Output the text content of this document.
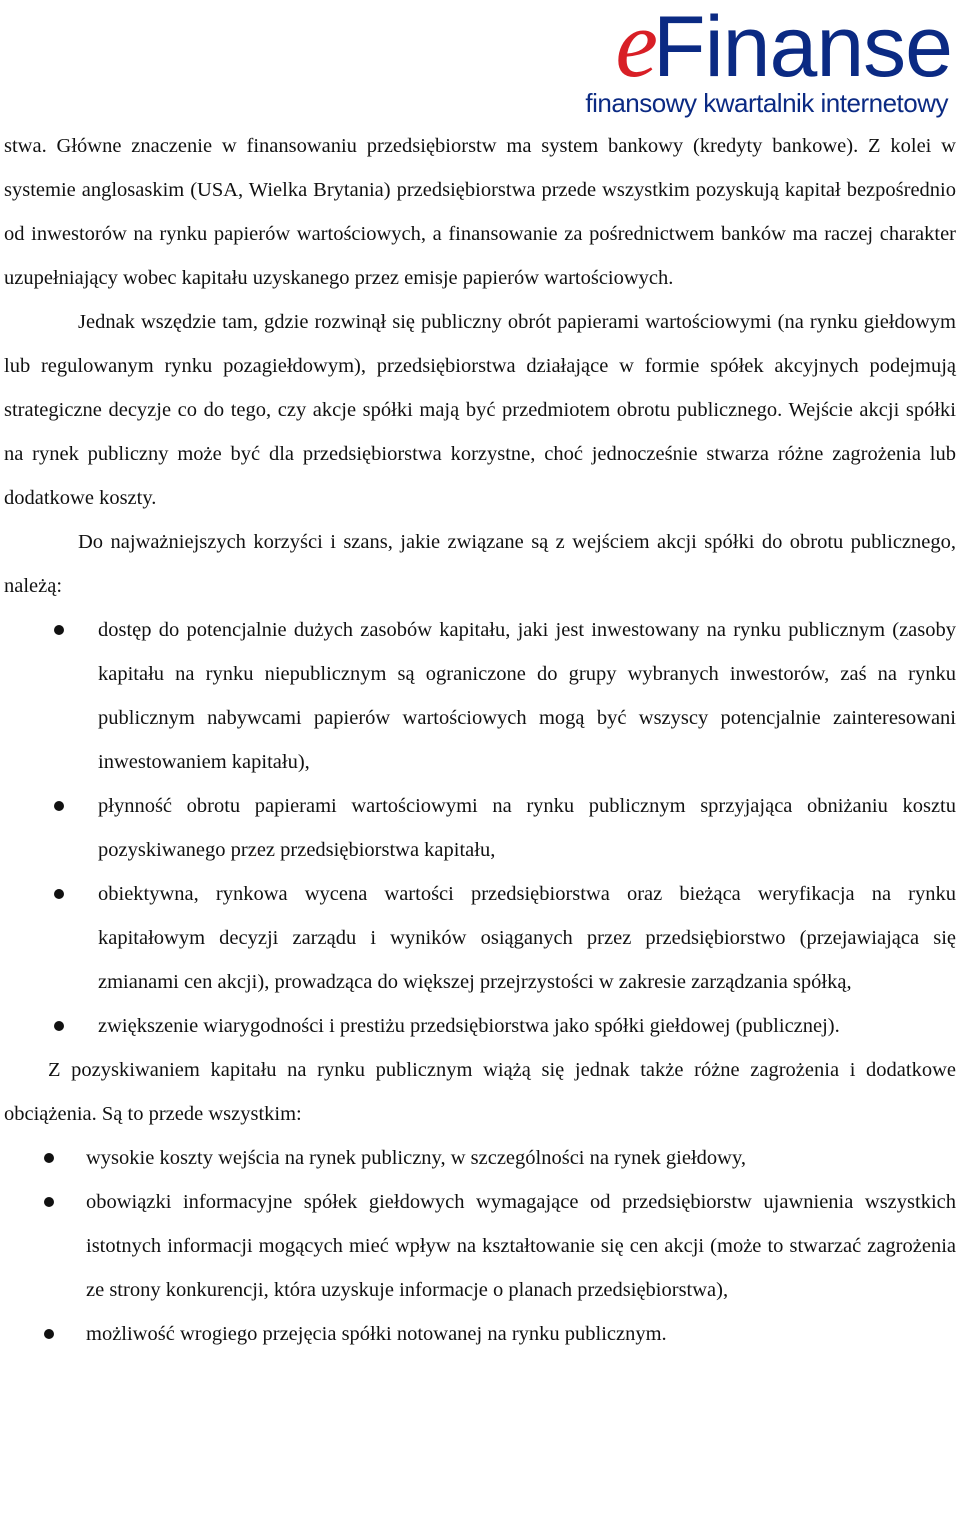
eFinanse
finansowy kwartalnik internetowy

stwa. Główne znaczenie w finansowaniu przedsiębiorstw ma system bankowy (kredyty bankowe). Z kolei w systemie anglosaskim (USA, Wielka Brytania) przedsiębiorstwa przede wszystkim pozyskują kapitał bezpośrednio od inwestorów na rynku papierów wartościowych, a finansowanie za pośrednictwem banków ma raczej charakter uzupełniający wobec kapitału uzyskanego przez emisje papierów wartościowych.

Jednak wszędzie tam, gdzie rozwinął się publiczny obrót papierami wartościowymi (na rynku giełdowym lub regulowanym rynku pozagiełdowym), przedsiębiorstwa działające w formie spółek akcyjnych podejmują strategiczne decyzje co do tego, czy akcje spółki mają być przedmiotem obrotu publicznego. Wejście akcji spółki na rynek publiczny może być dla przedsiębiorstwa korzystne, choć jednocześnie stwarza różne zagrożenia lub dodatkowe koszty.

Do najważniejszych korzyści i szans, jakie związane są z wejściem akcji spółki do obrotu publicznego, należą:

dostęp do potencjalnie dużych zasobów kapitału, jaki jest inwestowany na rynku publicznym (zasoby kapitału na rynku niepublicznym są ograniczone do grupy wybranych inwestorów, zaś na rynku publicznym nabywcami papierów wartościowych mogą być wszyscy potencjalnie zainteresowani inwestowaniem kapitału),
płynność obrotu papierami wartościowymi na rynku publicznym sprzyjająca obniżaniu kosztu pozyskiwanego przez przedsiębiorstwa kapitału,
obiektywna, rynkowa wycena wartości przedsiębiorstwa oraz bieżąca weryfikacja na rynku kapitałowym decyzji zarządu i wyników osiąganych przez przedsiębiorstwo (przejawiająca się zmianami cen akcji), prowadząca do większej przejrzystości w zakresie zarządzania spółką,
zwiększenie wiarygodności i prestiżu przedsiębiorstwa jako spółki giełdowej (publicznej).

Z pozyskiwaniem kapitału na rynku publicznym wiążą się jednak także różne zagrożenia i dodatkowe obciążenia. Są to przede wszystkim:

wysokie koszty wejścia na rynek publiczny, w szczególności na rynek giełdowy,
obowiązki informacyjne spółek giełdowych wymagające od przedsiębiorstw ujawnienia wszystkich istotnych informacji mogących mieć wpływ na kształtowanie się cen akcji (może to stwarzać zagrożenia ze strony konkurencji, która uzyskuje informacje o planach przedsiębiorstwa),
możliwość wrogiego przejęcia spółki notowanej na rynku publicznym.
